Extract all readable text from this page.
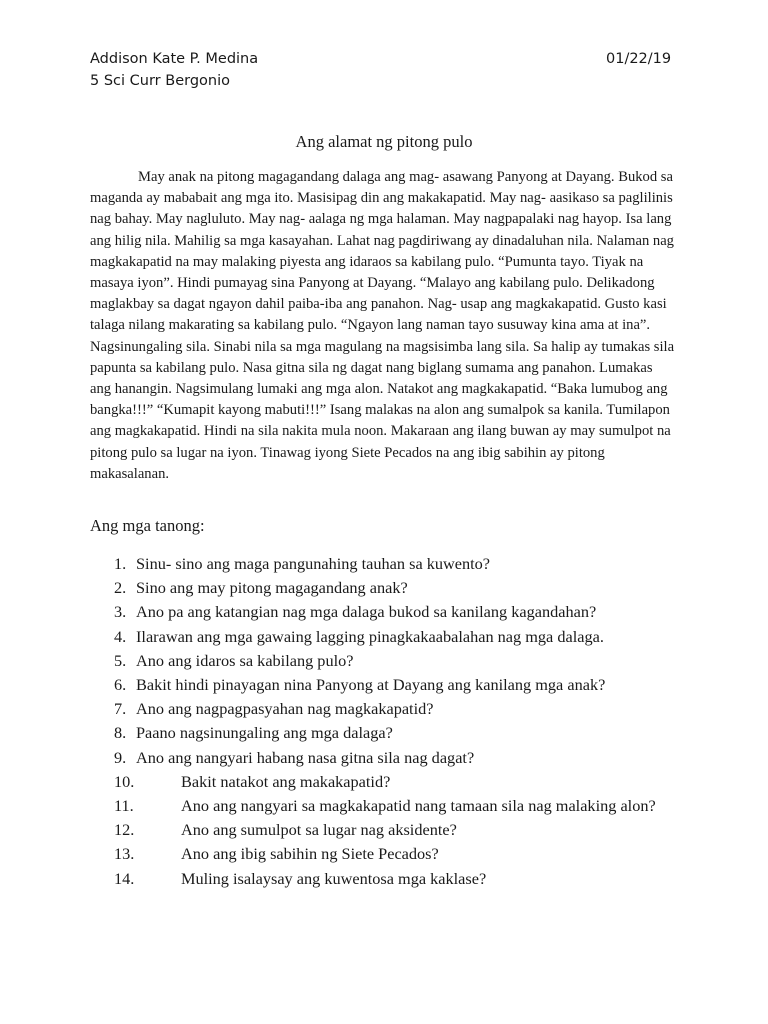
Addison Kate P. Medina
5 Sci Curr Bergonio
01/22/19
Ang alamat ng pitong pulo

May anak na pitong magagandang dalaga ang mag- asawang Panyong at Dayang. Bukod sa maganda ay mababait ang mga ito. Masisipag din ang makakapatid. May nag- aasikaso sa paglilinis nag bahay. May nagluluto. May nag- aalaga ng mga halaman. May nagpapalaki nag hayop. Isa lang ang hilig nila. Mahilig sa mga kasayahan. Lahat nag pagdiriwang ay dinadaluhan nila. Nalaman nag magkakapatid na may malaking piyesta ang idaraos sa kabilang pulo. “Pumunta tayo. Tiyak na masaya iyon”. Hindi pumayag sina Panyong at Dayang. “Malayo ang kabilang pulo. Delikadong maglakbay sa dagat ngayon dahil paiba-iba ang panahon. Nag- usap ang magkakapatid. Gusto kasi talaga nilang makarating sa kabilang pulo. “Ngayon lang naman tayo susuway kina ama at ina”. Nagsinungaling sila. Sinabi nila sa mga magulang na magsisimba lang sila. Sa halip ay tumakas sila papunta sa kabilang pulo. Nasa gitna sila ng dagat nang biglang sumama ang panahon. Lumakas ang hanangin. Nagsimulang lumaki ang mga alon. Natakot ang magkakapatid. “Baka lumubog ang bangka!!!” “Kumapit kayong mabuti!!!” Isang malakas na alon ang sumalpok sa kanila. Tumilapon ang magkakapatid. Hindi na sila nakita mula noon. Makaraan ang ilang buwan ay may sumulpot na pitong pulo sa lugar na iyon. Tinawag iyong Siete Pecados na ang ibig sabihin ay pitong makasalanan.

Ang mga tanong:
1. Sinu- sino ang maga pangunahing tauhan sa kuwento?
2. Sino ang may pitong magagandang anak?
3. Ano pa ang katangian nag mga dalaga bukod sa kanilang kagandahan?
4. Ilarawan ang mga gawaing lagging pinagkakaabalahan nag mga dalaga.
5. Ano ang idaros sa kabilang pulo?
6. Bakit hindi pinayagan nina Panyong at Dayang ang kanilang mga anak?
7. Ano ang nagpagpasyahan nag magkakapatid?
8. Paano nagsinungaling ang mga dalaga?
9. Ano ang nangyari habang nasa gitna sila nag dagat?
10.	Bakit natakot ang makakapatid?
11.	Ano ang nangyari sa magkakapatid nang tamaan sila nag malaking alon?
12.	Ano ang sumulpot sa lugar nag aksidente?
13.	Ano ang ibig sabihin ng Siete Pecados?
14.	Muling isalaysay ang kuwentosa mga kaklase?
